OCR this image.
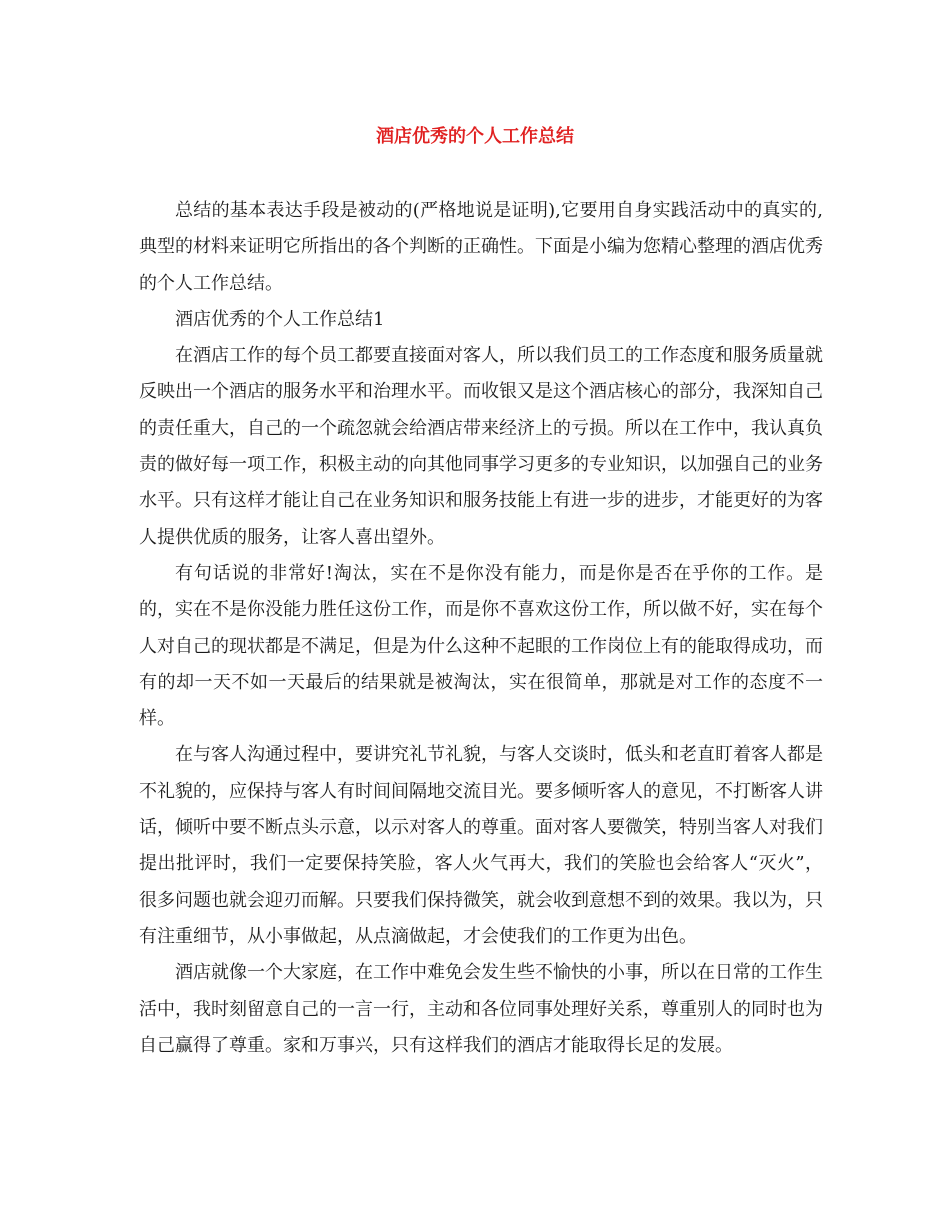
酒店优秀的个人工作总结

总结的基本表达手段是被动的(严格地说是证明),它要用自身实践活动中的真实的,典型的材料来证明它所指出的各个判断的正确性。下面是小编为您精心整理的酒店优秀的个人工作总结。

酒店优秀的个人工作总结1

在酒店工作的每个员工都要直接面对客人，所以我们员工的工作态度和服务质量就反映出一个酒店的服务水平和治理水平。而收银又是这个酒店核心的部分，我深知自己的责任重大，自己的一个疏忽就会给酒店带来经济上的亏损。所以在工作中，我认真负责的做好每一项工作，积极主动的向其他同事学习更多的专业知识，以加强自己的业务水平。只有这样才能让自己在业务知识和服务技能上有进一步的进步，才能更好的为客人提供优质的服务，让客人喜出望外。

有句话说的非常好!淘汰，实在不是你没有能力，而是你是否在乎你的工作。是的，实在不是你没能力胜任这份工作，而是你不喜欢这份工作，所以做不好，实在每个人对自己的现状都是不满足，但是为什么这种不起眼的工作岗位上有的能取得成功，而有的却一天不如一天最后的结果就是被淘汰，实在很简单，那就是对工作的态度不一样。

在与客人沟通过程中，要讲究礼节礼貌，与客人交谈时，低头和老直盯着客人都是不礼貌的，应保持与客人有时间间隔地交流目光。要多倾听客人的意见，不打断客人讲话，倾听中要不断点头示意，以示对客人的尊重。面对客人要微笑，特别当客人对我们提出批评时，我们一定要保持笑脸，客人火气再大，我们的笑脸也会给客人“灭火”，很多问题也就会迎刃而解。只要我们保持微笑，就会收到意想不到的效果。我以为，只有注重细节，从小事做起，从点滴做起，才会使我们的工作更为出色。

酒店就像一个大家庭，在工作中难免会发生些不愉快的小事，所以在日常的工作生活中，我时刻留意自己的一言一行，主动和各位同事处理好关系，尊重别人的同时也为自己赢得了尊重。家和万事兴，只有这样我们的酒店才能取得长足的发展。
